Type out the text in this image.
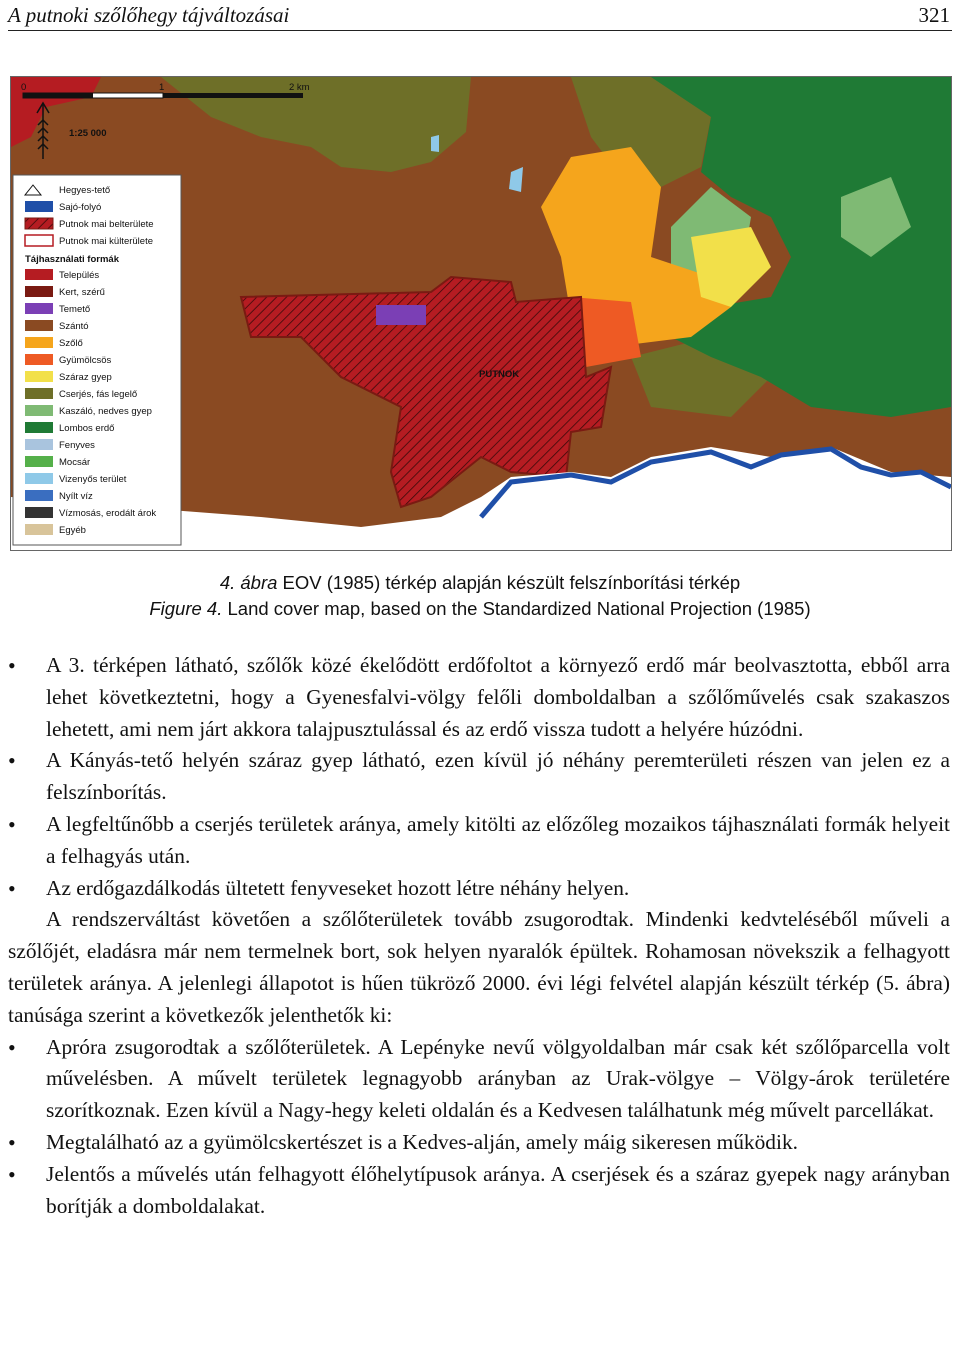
A putnoki szőlőhegy tájváltozásai	321
0	1	2 km
1:25 000
PUTNOK
Hegyes-tető
Sajó-folyó
Putnok mai belterülete
Putnok mai külterülete
Tájhasználati formák
Település
Kert, szérű
Temető
Szántó
Szőlő
Gyümölcsös
Száraz gyep
Cserjés, fás legelő
Kaszáló, nedves gyep
Lombos erdő
Fenyves
Mocsár
Vizenyős terület
Nyílt víz
Vízmosás, erodált árok
Egyéb
4. ábra EOV (1985) térkép alapján készült felszínborítási térkép
Figure 4. Land cover map, based on the Standardized National Projection (1985)
• A 3. térképen látható, szőlők közé ékelődött erdőfoltot a környező erdő már beolvasztotta, ebből arra lehet következtetni, hogy a Gyenesfalvi-völgy felőli domboldalban a szőlőművelés csak szakaszos lehetett, ami nem járt akkora talajpusztulással és az erdő vissza tudott a helyére húzódni.
• A Kányás-tető helyén száraz gyep látható, ezen kívül jó néhány peremterületi részen van jelen ez a felszínborítás.
• A legfeltűnőbb a cserjés területek aránya, amely kitölti az előzőleg mozaikos tájhasználati formák helyeit a felhagyás után.
• Az erdőgazdálkodás ültetett fenyveseket hozott létre néhány helyen.

A rendszerváltást követően a szőlőterületek tovább zsugorodtak. Mindenki kedvteléséből műveli a szőlőjét, eladásra már nem termelnek bort, sok helyen nyaralók épültek. Rohamosan növekszik a felhagyott területek aránya. A jelenlegi állapotot is hűen tükröző 2000. évi légi felvétel alapján készült térkép (5. ábra) tanúsága szerint a következők jelenthetők ki:

• Apróra zsugorodtak a szőlőterületek. A Lepényke nevű völgyoldalban már csak két szőlőparcella volt művelésben. A művelt területek legnagyobb arányban az Urak-völgye – Völgy-árok területére szorítkoznak. Ezen kívül a Nagy-hegy keleti oldalán és a Kedvesen találhatunk még művelt parcellákat.
• Megtalálható az a gyümölcskertészet is a Kedves-alján, amely máig sikeresen működik.
• Jelentős a művelés után felhagyott élőhelytípusok aránya. A cserjések és a száraz gyepek nagy arányban borítják a domboldalakat.
